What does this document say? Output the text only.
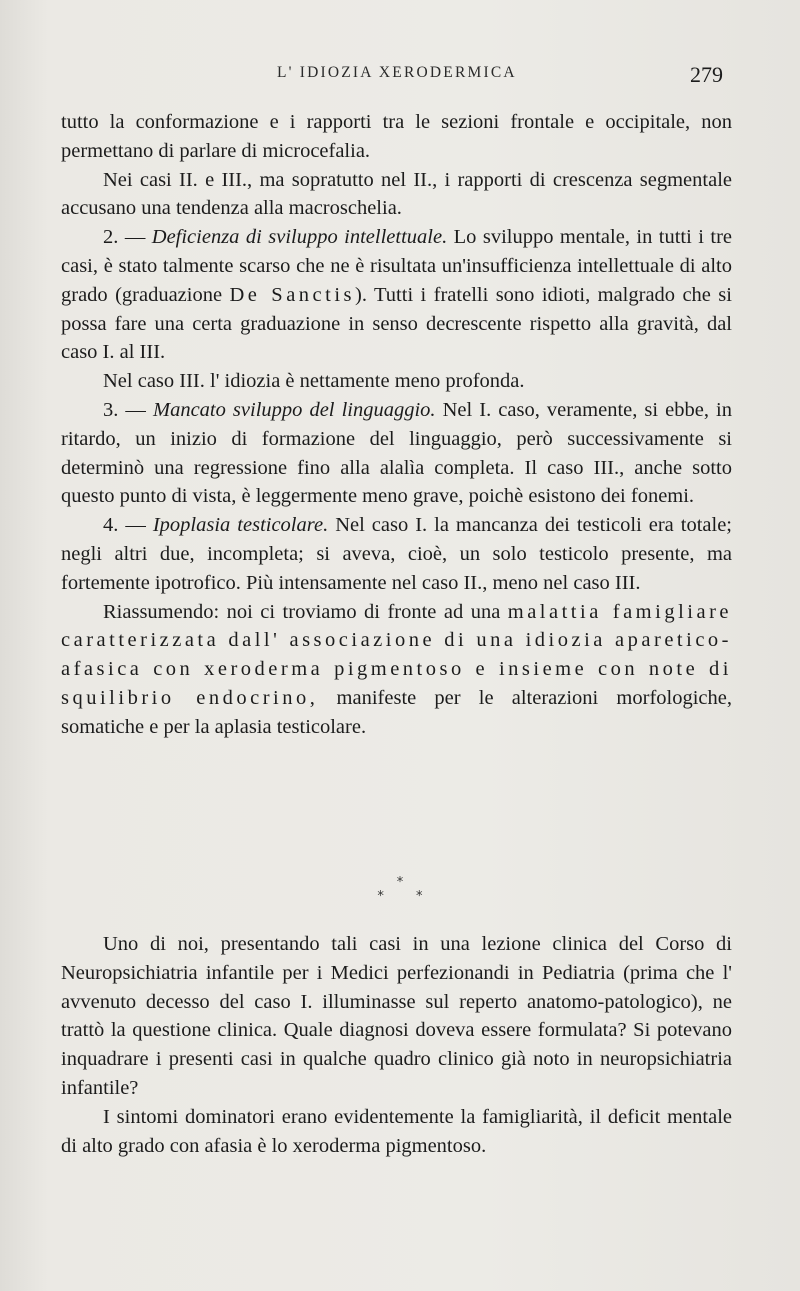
L' IDIOZIA XERODERMICA	279

tutto la conformazione e i rapporti tra le sezioni frontale e occipitale, non permettano di parlare di microcefalia.

Nei casi II. e III., ma sopratutto nel II., i rapporti di crescenza segmentale accusano una tendenza alla macroschelia.

2. — Deficienza di sviluppo intellettuale. Lo sviluppo mentale, in tutti i tre casi, è stato talmente scarso che ne è risultata un'insufficienza intellettuale di alto grado (graduazione De Sanctis). Tutti i fratelli sono idioti, malgrado che si possa fare una certa graduazione in senso decrescente rispetto alla gravità, dal caso I. al III.

Nel caso III. l' idiozia è nettamente meno profonda.

3. — Mancato sviluppo del linguaggio. Nel I. caso, veramente, si ebbe, in ritardo, un inizio di formazione del linguaggio, però successivamente si determinò una regressione fino alla alalìa completa. Il caso III., anche sotto questo punto di vista, è leggermente meno grave, poichè esistono dei fonemi.

4. — Ipoplasia testicolare. Nel caso I. la mancanza dei testicoli era totale; negli altri due, incompleta; si aveva, cioè, un solo testicolo presente, ma fortemente ipotrofico. Più intensamente nel caso II., meno nel caso III.

Riassumendo: noi ci troviamo di fronte ad una malattia famigliare caratterizzata dall' associazione di una idiozia aparetico-afasica con xeroderma pigmentoso e insieme con note di squilibrio endocrino, manifeste per le alterazioni morfologiche, somatiche e per la aplasia testicolare.

*
* *

Uno di noi, presentando tali casi in una lezione clinica del Corso di Neuropsichiatria infantile per i Medici perfezionandi in Pediatria (prima che l' avvenuto decesso del caso I. illuminasse sul reperto anatomo-patologico), ne trattò la questione clinica. Quale diagnosi doveva essere formulata? Si potevano inquadrare i presenti casi in qualche quadro clinico già noto in neuropsichiatria infantile?

I sintomi dominatori erano evidentemente la famigliarità, il deficit mentale di alto grado con afasia è lo xeroderma pigmentoso.
